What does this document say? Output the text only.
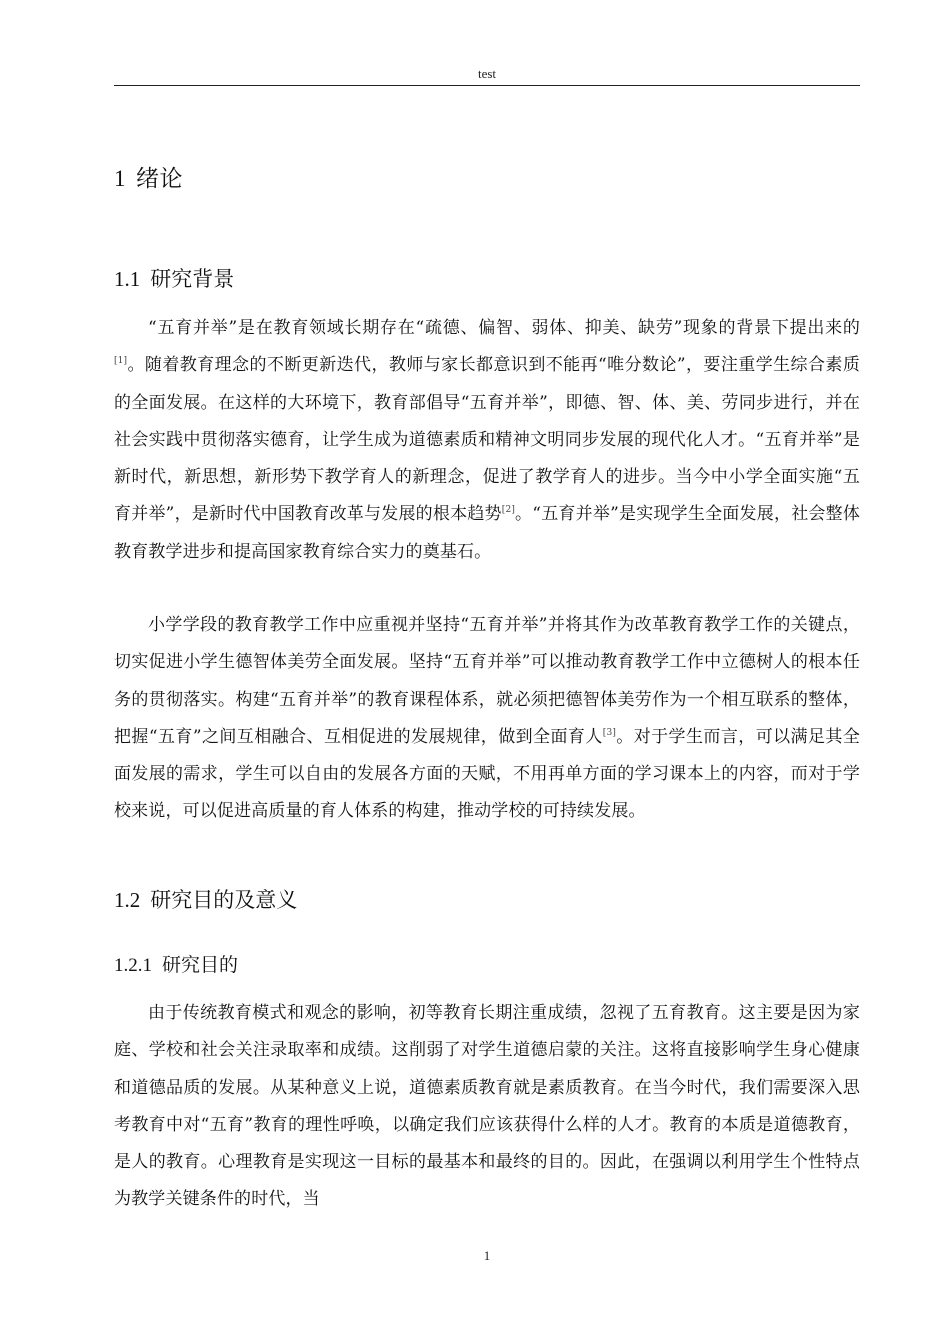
test
1 绪论
1.1 研究背景

“五育并举”是在教育领域长期存在“疏德、偏智、弱体、抑美、缺劳”现象的背景下提出来的[1]。随着教育理念的不断更新迭代，教师与家长都意识到不能再“唯分数论”，要注重学生综合素质的全面发展。在这样的大环境下，教育部倡导“五育并举”，即德、智、体、美、劳同步进行，并在社会实践中贯彻落实德育，让学生成为道德素质和精神文明同步发展的现代化人才。“五育并举”是新时代，新思想，新形势下教学育人的新理念，促进了教学育人的进步。当今中小学全面实施“五育并举”，是新时代中国教育改革与发展的根本趋势[2]。“五育并举”是实现学生全面发展，社会整体教育教学进步和提高国家教育综合实力的奠基石。

小学学段的教育教学工作中应重视并坚持“五育并举”并将其作为改革教育教学工作的关键点，切实促进小学生德智体美劳全面发展。坚持“五育并举”可以推动教育教学工作中立德树人的根本任务的贯彻落实。构建“五育并举”的教育课程体系，就必须把德智体美劳作为一个相互联系的整体，把握“五育”之间互相融合、互相促进的发展规律，做到全面育人[3]。对于学生而言，可以满足其全面发展的需求，学生可以自由的发展各方面的天赋，不用再单方面的学习课本上的内容，而对于学校来说，可以促进高质量的育人体系的构建，推动学校的可持续发展。

1.2 研究目的及意义
1.2.1 研究目的

由于传统教育模式和观念的影响，初等教育长期注重成绩，忽视了五育教育。这主要是因为家庭、学校和社会关注录取率和成绩。这削弱了对学生道德启蒙的关注。这将直接影响学生身心健康和道德品质的发展。从某种意义上说，道德素质教育就是素质教育。在当今时代，我们需要深入思考教育中对“五育”教育的理性呼唤，以确定我们应该获得什么样的人才。教育的本质是道德教育，是人的教育。心理教育是实现这一目标的最基本和最终的目的。因此，在强调以利用学生个性特点为教学关键条件的时代，当

1
